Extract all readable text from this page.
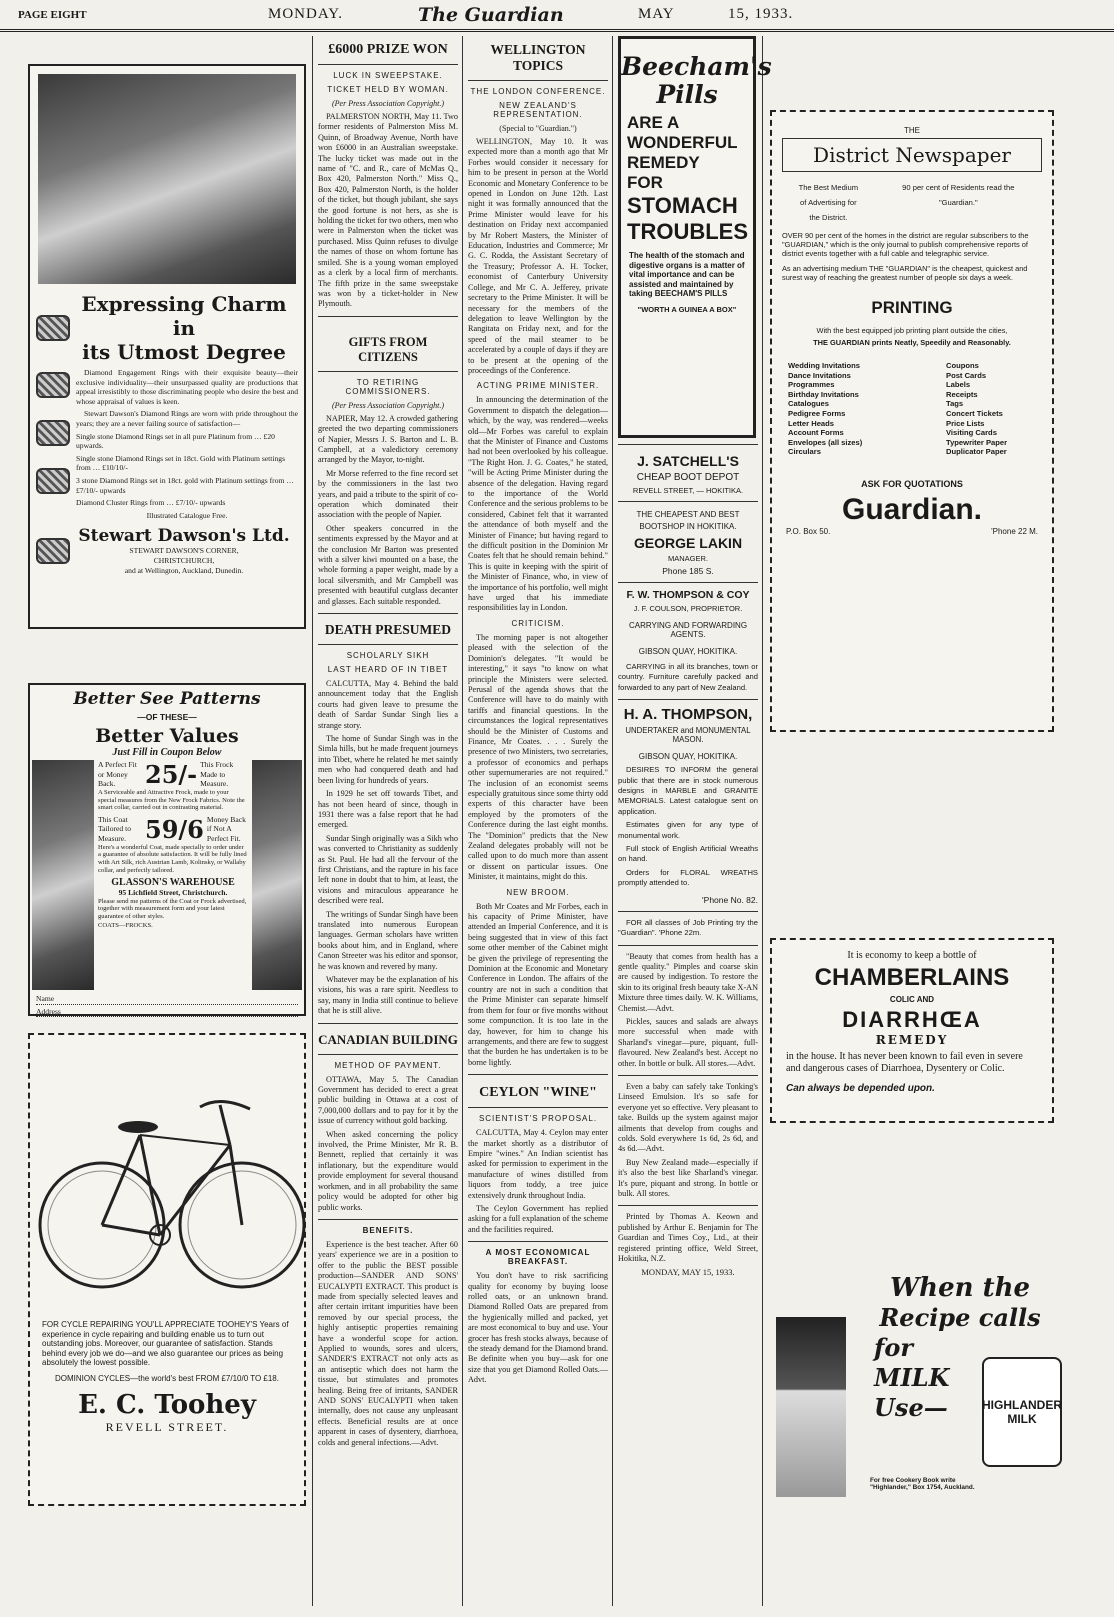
PAGE EIGHT	MONDAY.	The Guardian	MAY	15, 1933.
Expressing Charm in
its Utmost Degree
Diamond Engagement Rings with their exquisite beauty—their exclusive individuality—their unsurpassed quality are productions that appeal irresistibly to those discriminating people who desire the best and whose appraisal of values is keen.
Stewart Dawson's Diamond Rings are worn with pride throughout the years; they are a never failing source of satisfaction—
Single stone Diamond Rings set in all pure Platinum from … £20 upwards.
Single stone Diamond Rings set in 18ct. Gold with Platinum settings from … £10/10/-
3 stone Diamond Rings set in 18ct. gold with Platinum settings from … £7/10/- upwards
Diamond Cluster Rings from … £7/10/- upwards
Illustrated Catalogue Free.
Stewart Dawson's Ltd.
STEWART DAWSON'S CORNER,
CHRISTCHURCH,
and at Wellington, Auckland, Dunedin.
Better See Patterns
—OF THESE—
Better Values
Just Fill in Coupon Below
A Perfect Fit or Money Back.	25/- This Frock Made to Measure.
A Serviceable and Attractive Frock, made to your special measures from the New Frock Fabrics. Note the smart collar, carried out in contrasting material.
This Coat Tailored to Measure. 59/6 Money Back if Not A Perfect Fit.
Here's a wonderful Coat, made specially to order under a guarantee of absolute satisfaction. It will be fully lined with Art Silk, rich Austrian Lamb, Kolinsky, or Wallaby collar, and perfectly tailored.
GLASSON'S WAREHOUSE
95 Lichfield Street, Christchurch.
Please send me patterns of the Coat or Frock advertised, together with measurement form and your latest guarantee of other styles.
COATS—FROCKS.
Name
Address
FOR CYCLE REPAIRING YOU'LL APPRECIATE TOOHEY'S Years of experience in cycle repairing and building enable us to turn out outstanding jobs. Moreover, our guarantee of satisfaction. Stands behind every job we do—and we also guarantee our prices as being absolutely the lowest possible.
DOMINION CYCLES—the world's best FROM £7/10/0 TO £18.
E. C. Toohey
REVELL STREET.
£6000 PRIZE WON
LUCK IN SWEEPSTAKE.
TICKET HELD BY WOMAN.
(Per Press Association Copyright.)
PALMERSTON NORTH, May 11. Two former residents of Palmerston Miss M. Quinn, of Broadway Avenue, North have won £6000 in an Australian sweepstake. The lucky ticket was made out in the name of "C. and R., care of McMas Q., Box 420, Palmerston North." Miss Q., Box 420, Palmerston North, is the holder of the ticket, but though jubilant, she says the good fortune is not hers, as she is holding the ticket for two others, men who were in Palmerston when the ticket was purchased. Miss Quinn refuses to divulge the names of those on whom fortune has smiled. She is a young woman employed as a clerk by a local firm of merchants. The fifth prize in the same sweepstake was won by a ticket-holder in New Plymouth.
GIFTS FROM CITIZENS
TO RETIRING COMMISSIONERS.
(Per Press Association Copyright.)
NAPIER, May 12. A crowded gathering greeted the two departing commissioners of Napier, Messrs J. S. Barton and L. B. Campbell, at a valedictory ceremony arranged by the Mayor, to-night.
Mr Morse referred to the fine record set by the commissioners in the last two years, and paid a tribute to the spirit of co-operation which dominated their association with the people of Napier.
Other speakers concurred in the sentiments expressed by the Mayor and at the conclusion Mr Barton was presented with a silver kiwi mounted on a base, the whole forming a paper weight, made by a local silversmith, and Mr Campbell was presented with beautiful cutglass decanter and glasses. Each suitable responded.
DEATH PRESUMED
SCHOLARLY SIKH
LAST HEARD OF IN TIBET
CALCUTTA, May 4. Behind the bald announcement today that the English courts had given leave to presume the death of Sardar Sundar Singh lies a strange story.
The home of Sundar Singh was in the Simla hills, but he made frequent journeys into Tibet, where he related he met saintly men who had conquered death and had been living for hundreds of years.
In 1929 he set off towards Tibet, and has not been heard of since, though in 1931 there was a false report that he had emerged.
Sundar Singh originally was a Sikh who was converted to Christianity as suddenly as St. Paul. He had all the fervour of the first Christians, and the rapture in his face left none in doubt that to him, at least, the visions and miraculous appearance he described were real.
The writings of Sundar Singh have been translated into numerous European languages. German scholars have written books about him, and in England, where Canon Streeter was his editor and sponsor, he was known and revered by many.
Whatever may be the explanation of his visions, his was a rare spirit. Needless to say, many in India still continue to believe that he is still alive.
CANADIAN BUILDING
METHOD OF PAYMENT.
OTTAWA, May 5. The Canadian Government has decided to erect a great public building in Ottawa at a cost of 7,000,000 dollars and to pay for it by the issue of currency without gold backing.
When asked concerning the policy involved, the Prime Minister, Mr R. B. Bennett, replied that certainly it was inflationary, but the expenditure would provide employment for several thousand workmen, and in all probability the same policy would be adopted for other big public works.
BENEFITS.
Experience is the best teacher. After 60 years' experience we are in a position to offer to the public the BEST possible production—SANDER AND SONS' EUCALYPTI EXTRACT. This product is made from specially selected leaves and after certain irritant impurities have been removed by our special process, the highly antiseptic properties remaining have a wonderful scope for action. Applied to wounds, sores and ulcers, SANDER'S EXTRACT not only acts as an antiseptic which does not harm the tissue, but stimulates and promotes healing. Being free of irritants, SANDER AND SONS' EUCALYPTI when taken internally, does not cause any unpleasant effects. Beneficial results are at once apparent in cases of dysentery, diarrhoea, colds and general infections.—Advt.
WELLINGTON TOPICS
THE LONDON CONFERENCE.
NEW ZEALAND'S REPRESENTATION.
(Special to "Guardian.")
WELLINGTON, May 10. It was expected more than a month ago that Mr Forbes would consider it necessary for him to be present in person at the World Economic and Monetary Conference to be opened in London on June 12th. Last night it was formally announced that the Prime Minister would leave for his destination on Friday next accompanied by Mr Robert Masters, the Minister of Education, Industries and Commerce; Mr G. C. Rodda, the Assistant Secretary of the Treasury; Professor A. H. Tocker, economist of Canterbury University College, and Mr C. A. Jefferey, private secretary to the Prime Minister. It will be necessary for the members of the delegation to leave Wellington by the Rangitata on Friday next, and for the speed of the mail steamer to be accelerated by a couple of days if they are to be present at the opening of the proceedings of the Conference.
ACTING PRIME MINISTER.
In announcing the determination of the Government to dispatch the delegation—which, by the way, was rendered—weeks old—Mr Forbes was careful to explain that the Minister of Finance and Customs had not been overlooked by his colleague. "The Right Hon. J. G. Coates," he stated, "will be Acting Prime Minister during the absence of the delegation. Having regard to the importance of the World Conference and the serious problems to be considered, Cabinet felt that it warranted the attendance of both myself and the Minister of Finance; but having regard to the difficult position in the Dominion Mr Coates felt that he should remain behind." This is quite in keeping with the spirit of the Minister of Finance, who, in view of the importance of his portfolio, well might have urged that his immediate responsibilities lay in London.
CRITICISM.
The morning paper is not altogether pleased with the selection of the Dominion's delegates. "It would be interesting," it says "to know on what principle the Ministers were selected. Perusal of the agenda shows that the Conference will have to do mainly with tariffs and financial questions. In the circumstances the logical representatives should be the Minister of Customs and Finance, Mr Coates. . . . Surely the presence of two Ministers, two secretaries, a professor of economics and perhaps other supernumeraries are not required." The inclusion of an economist seems especially gratuitous since some thirty odd experts of this character have been employed by the promoters of the Conference during the last eight months. The "Dominion" predicts that the New Zealand delegates probably will not be called upon to do much more than assent or dissent on particular issues. One Minister, it maintains, might do this.
NEW BROOM.
Both Mr Coates and Mr Forbes, each in his capacity of Prime Minister, have attended an Imperial Conference, and it is being suggested that in view of this fact some other member of the Cabinet might be given the privilege of representing the Dominion at the Economic and Monetary Conference in London. The affairs of the country are not in such a condition that the Prime Minister can separate himself from them for four or five months without some compunction. It is too late in the day, however, for him to change his arrangements, and there are few to suggest that the burden he has undertaken is to be borne lightly.
CEYLON "WINE"
SCIENTIST'S PROPOSAL.
CALCUTTA, May 4. Ceylon may enter the market shortly as a distributor of Empire "wines." An Indian scientist has asked for permission to experiment in the manufacture of wines distilled from liquors from toddy, a tree juice extensively drunk throughout India.
The Ceylon Government has replied asking for a full explanation of the scheme and the facilities required.
A MOST ECONOMICAL BREAKFAST.
You don't have to risk sacrificing quality for economy by buying loose rolled oats, or an unknown brand. Diamond Rolled Oats are prepared from the hygienically milled and packed, yet are most economical to buy and use. Your grocer has fresh stocks always, because of the steady demand for the Diamond brand. Be definite when you buy—ask for one size that you get Diamond Rolled Oats.—Advt.
Beecham's Pills
ARE A
WONDERFUL
REMEDY
FOR
STOMACH
TROUBLES
The health of the stomach and digestive organs is a matter of vital importance and can be assisted and maintained by taking BEECHAM'S PILLS
"WORTH A GUINEA A BOX"
J. SATCHELL'S
CHEAP BOOT DEPOT
REVELL STREET, — HOKITIKA.
THE CHEAPEST AND BEST
BOOTSHOP IN HOKITIKA.
GEORGE LAKIN
MANAGER.
Phone 185 S.
F. W. THOMPSON & COY
J. F. COULSON, PROPRIETOR.
CARRYING AND FORWARDING AGENTS.
GIBSON QUAY, HOKITIKA.
CARRYING in all its branches, town or country. Furniture carefully packed and forwarded to any part of New Zealand.
H. A. THOMPSON,
UNDERTAKER and MONUMENTAL MASON.
GIBSON QUAY, HOKITIKA.
DESIRES TO INFORM the general public that there are in stock numerous designs in MARBLE and GRANITE MEMORIALS. Latest catalogue sent on application.
Estimates given for any type of monumental work.
Full stock of English Artificial Wreaths on hand.
Orders for FLORAL WREATHS promptly attended to.
'Phone No. 82.
FOR all classes of Job Printing try the "Guardian". 'Phone 22m.
"Beauty that comes from health has a gentle quality." Pimples and coarse skin are caused by indigestion. To restore the skin to its original fresh beauty take X-AN Mixture three times daily. W. K. Williams, Chemist.—Advt.
Pickles, sauces and salads are always more successful when made with Sharland's vinegar—pure, piquant, full-flavoured. New Zealand's best. Accept no other. In bottle or bulk. All stores.—Advt.
Even a baby can safely take Tonking's Linseed Emulsion. It's so safe for everyone yet so effective. Very pleasant to take. Builds up the system against major ailments that develop from coughs and colds. Sold everywhere 1s 6d, 2s 6d, and 4s 6d.—Advt.
Buy New Zealand made—especially if it's also the best like Sharland's vinegar. It's pure, piquant and strong. In bottle or bulk. All stores.
Printed by Thomas A. Keown and published by Arthur E. Benjamin for The Guardian and Times Coy., Ltd., at their registered printing office, Weld Street, Hokitika, N.Z.
MONDAY, MAY 15, 1933.
THE
District Newspaper
The Best Medium	90 per cent of Residents read the
of Advertising for	"Guardian."
the District.	
OVER 90 per cent of the homes in the district are regular subscribers to the "GUARDIAN," which is the only journal to publish comprehensive reports of district events together with a full cable and telegraphic service.
As an advertising medium THE "GUARDIAN" is the cheapest, quickest and surest way of reaching the greatest number of people six days a week.
PRINTING
With the best equipped job printing plant outside the cities,
THE GUARDIAN prints Neatly, Speedily and Reasonably.
Wedding Invitations
Dance Invitations
Programmes
Birthday Invitations
Catalogues
Pedigree Forms
Letter Heads
Account Forms
Envelopes (all sizes)
Circulars
Coupons
Post Cards
Labels
Receipts
Tags
Concert Tickets
Price Lists
Visiting Cards
Typewriter Paper
Duplicator Paper
ASK FOR QUOTATIONS
Guardian.
P.O. Box 50.	'Phone 22 M.
It is economy to keep a bottle of
CHAMBERLAINS
COLIC AND
DIARRHŒA
REMEDY
in the house. It has never been known to fail even in severe and dangerous cases of Diarrhoea, Dysentery or Colic.
Can always be depended upon.
When the
Recipe calls
for
MILK
Use—	HIGHLANDER MILK
For free Cookery Book write "Highlander," Box 1754, Auckland.
